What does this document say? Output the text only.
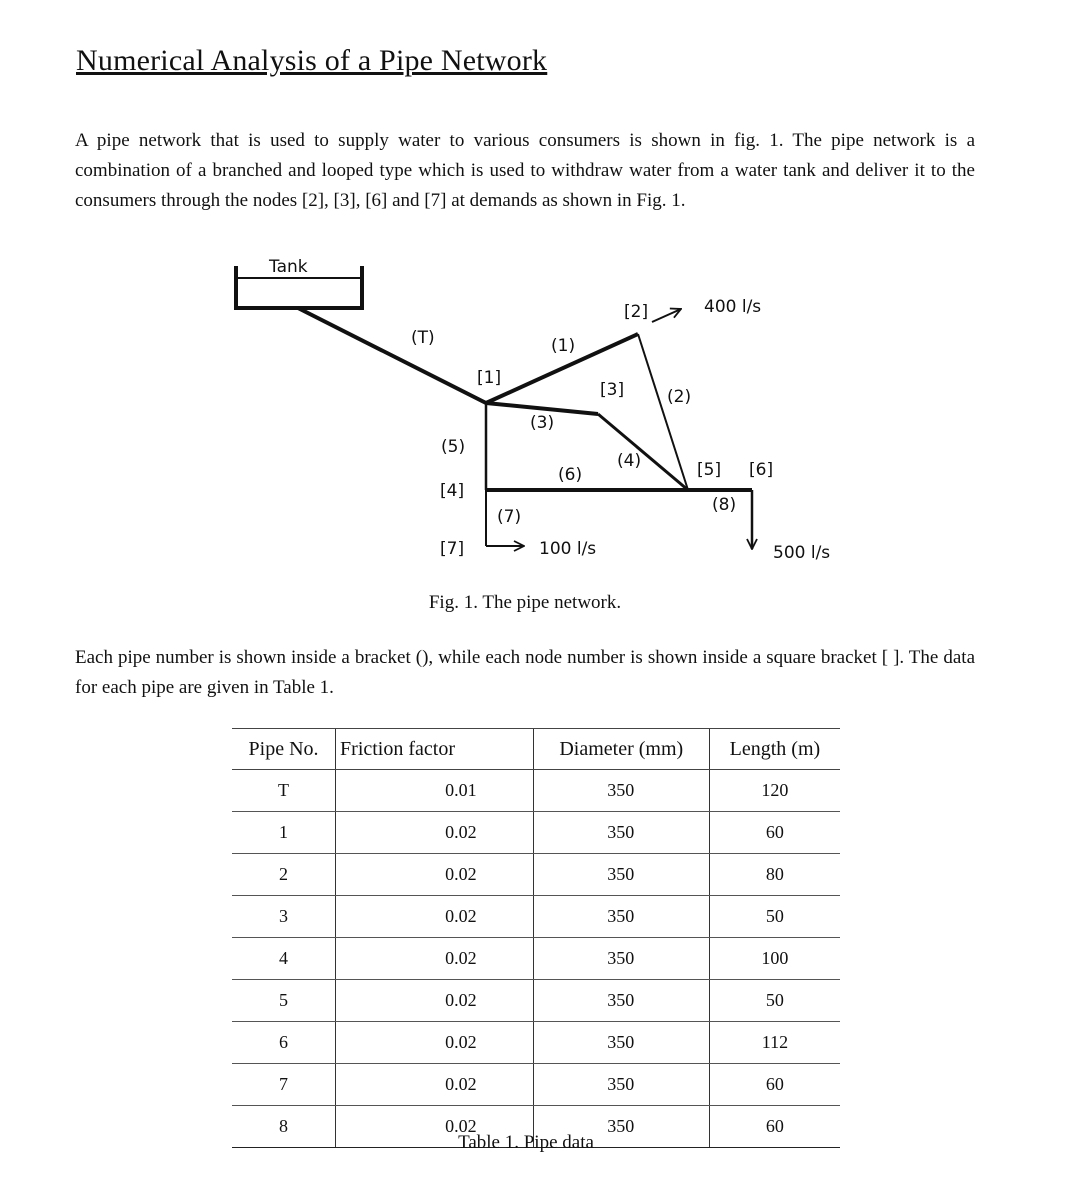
Numerical Analysis of a Pipe Network
A pipe network that is used to supply water to various consumers is shown in fig. 1. The pipe network is a combination of a branched and looped type which is used to withdraw water from a water tank and deliver it to the consumers through the nodes [2], [3], [6] and [7] at demands as shown in Fig. 1.
Tank
(T)	(1)
(2)
(3)
(4)
(5)
(6)
(7)
(8)
[1]
[2]
[3]
[4]
[5] [6]
[7]
400 l/s
100 l/s	500 l/s
Fig. 1. The pipe network.
Each pipe number is shown inside a bracket (), while each node number is shown inside a square bracket [ ]. The data for each pipe are given in Table 1.
Pipe No.	Friction factor	Diameter (mm)	Length (m)
T	0.01	350	120
1	0.02	350	60
2	0.02	350	80
3	0.02	350	50
4	0.02	350	100
5	0.02	350	50
6	0.02	350	112
7	0.02	350	60
8	0.02	350	60
Table 1. Pipe data
